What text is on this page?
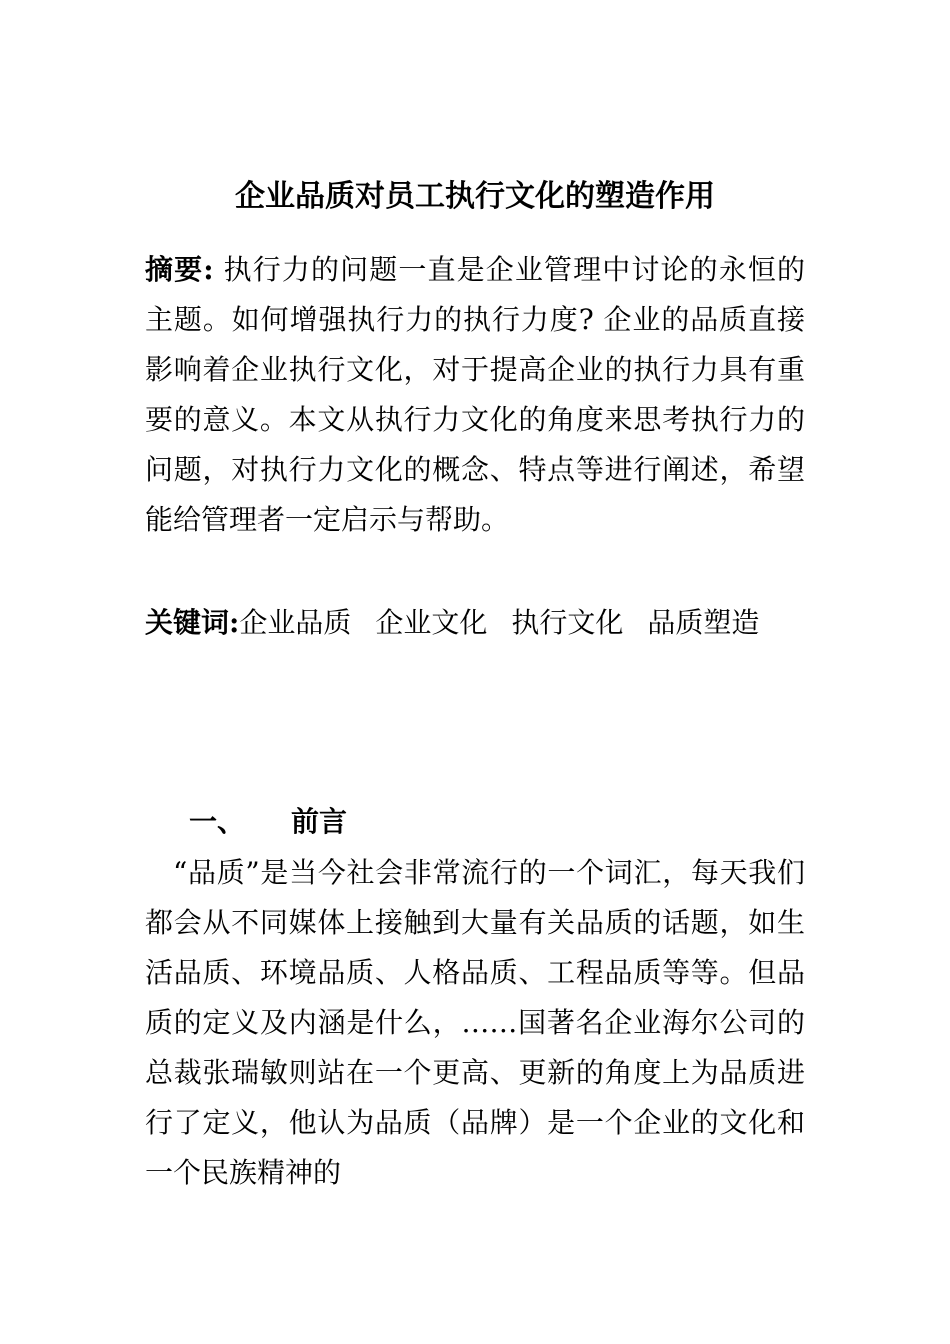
企业品质对员工执行文化的塑造作用

摘要: 执行力的问题一直是企业管理中讨论的永恒的主题。如何增强执行力的执行力度? 企业的品质直接影响着企业执行文化，对于提高企业的执行力具有重要的意义。本文从执行力文化的角度来思考执行力的问题，对执行力文化的概念、特点等进行阐述，希望能给管理者一定启示与帮助。

关键词:企业品质 企业文化 执行文化 品质塑造

一、 前言

“品质”是当今社会非常流行的一个词汇，每天我们都会从不同媒体上接触到大量有关品质的话题，如生活品质、环境品质、人格品质、工程品质等等。但品质的定义及内涵是什么，……国著名企业海尔公司的总裁张瑞敏则站在一个更高、更新的角度上为品质进行了定义，他认为品质（品牌）是一个企业的文化和一个民族精神的
